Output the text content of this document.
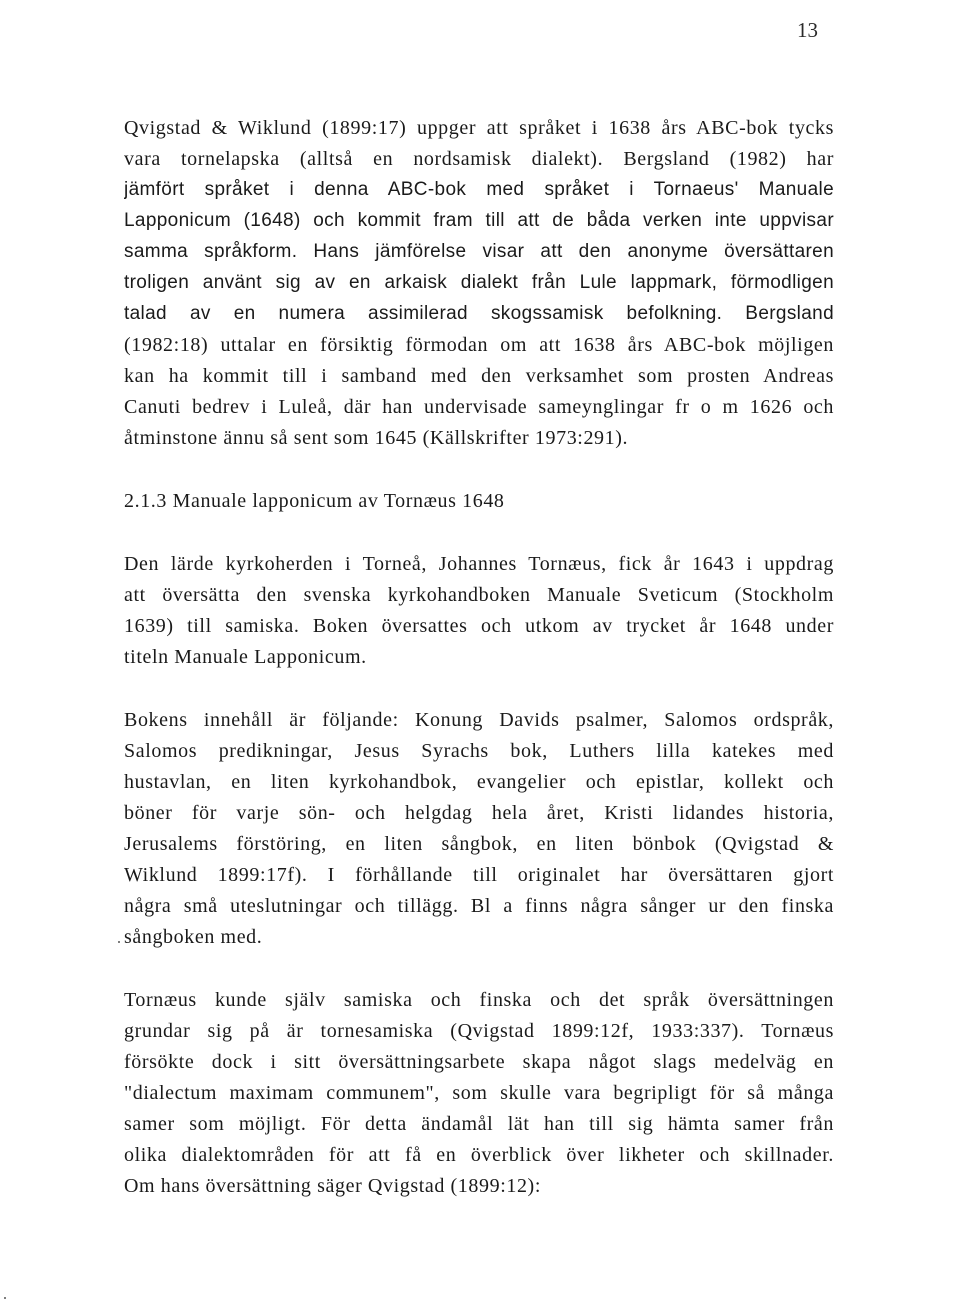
13
Qvigstad & Wiklund (1899:17) uppger att språket i 1638 års ABC-bok tycks
vara tornelapska (alltså en nordsamisk dialekt). Bergsland (1982) har
jämfört språket i denna ABC-bok med språket i Tornaeus' Manuale
Lapponicum (1648) och kommit fram till att de båda verken inte uppvisar
samma språkform. Hans jämförelse visar att den anonyme översättaren
troligen använt sig av en arkaisk dialekt från Lule lappmark, förmodligen
talad av en numera assimilerad skogssamisk befolkning. Bergsland
(1982:18) uttalar en försiktig förmodan om att 1638 års ABC-bok möjligen
kan ha kommit till i samband med den verksamhet som prosten Andreas
Canuti bedrev i Luleå, där han undervisade sameynglingar fr o m 1626 och
åtminstone ännu så sent som 1645 (Källskrifter 1973:291).
2.1.3 Manuale lapponicum av Tornæus 1648
Den lärde kyrkoherden i Torneå, Johannes Tornæus, fick år 1643 i uppdrag
att översätta den svenska kyrkohandboken Manuale Sveticum (Stockholm
1639) till samiska. Boken översattes och utkom av trycket år 1648 under
titeln Manuale Lapponicum.
Bokens innehåll är följande: Konung Davids psalmer, Salomos ordspråk,
Salomos predikningar, Jesus Syrachs bok, Luthers lilla katekes med
hustavlan, en liten kyrkohandbok, evangelier och epistlar, kollekt och
böner för varje sön- och helgdag hela året, Kristi lidandes historia,
Jerusalems förstöring, en liten sångbok, en liten bönbok (Qvigstad &
Wiklund 1899:17f). I förhållande till originalet har översättaren gjort
några små uteslutningar och tillägg. Bl a finns några sånger ur den finska
sångboken med.
Tornæus kunde själv samiska och finska och det språk översättningen
grundar sig på är tornesamiska (Qvigstad 1899:12f, 1933:337). Tornæus
försökte dock i sitt översättningsarbete skapa något slags medelväg en
"dialectum maximam communem", som skulle vara begripligt för så många
samer som möjligt. För detta ändamål lät han till sig hämta samer från
olika dialektområden för att få en överblick över likheter och skillnader.
Om hans översättning säger Qvigstad (1899:12):
